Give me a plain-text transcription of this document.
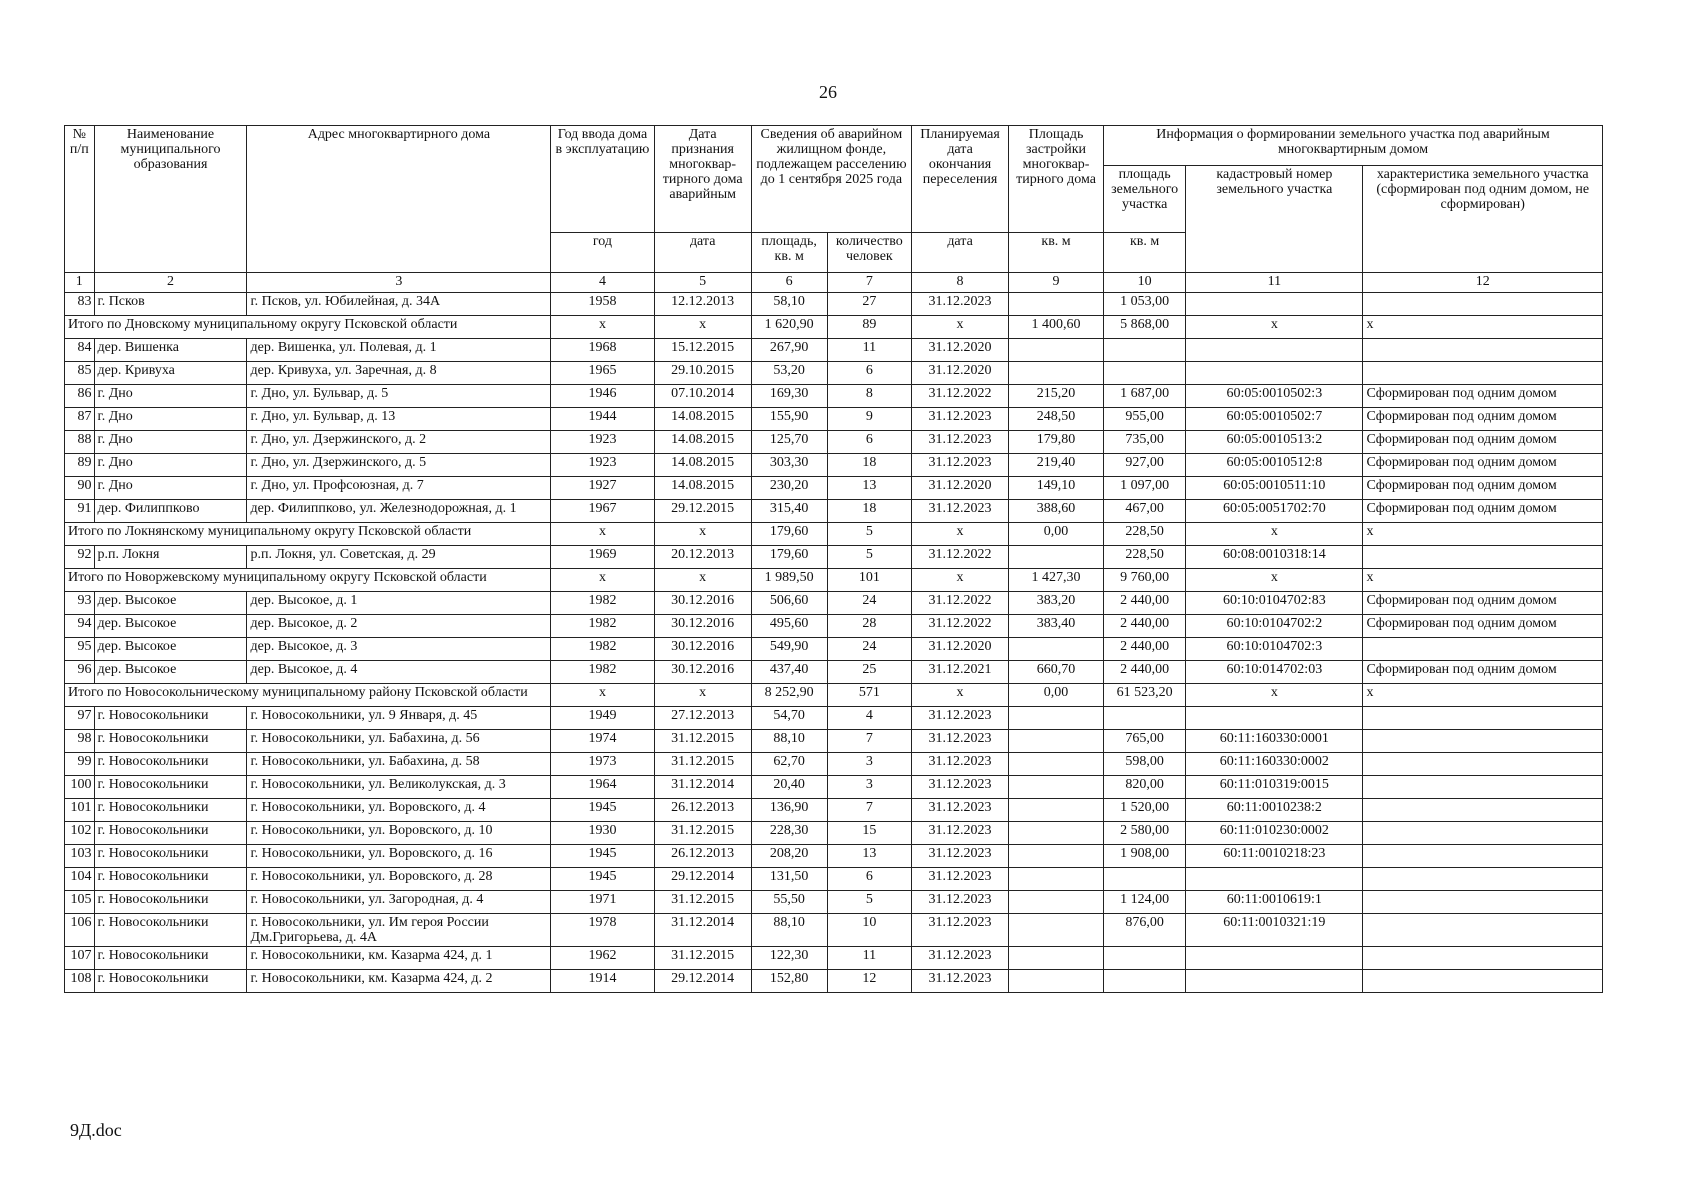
26
№ п/п	Наименование муниципального образования	Адрес многоквартирного дома	Год ввода дома в эксплуатацию	Дата признания многоквар-тирного дома аварийным	Сведения об аварийном жилищном фонде, подлежащем расселению до 1 сентября 2025 года		Планируемая дата окончания переселения	Площадь застройки многоквар-тирного дома	Информация о формировании земельного участка под аварийным многоквартирным домом		
									площадь земельного участка	кадастровый номер земельного участка	характеристика земельного участка (сформирован под одним домом, не сформирован)
			год	дата	площадь, кв. м	количество человек	дата	кв. м	кв. м		
1	2	3	4	5	6	7	8	9	10	11	12
83	г. Псков	г. Псков, ул. Юбилейная, д. 34А	1958	12.12.2013	58,10	27	31.12.2023		1 053,00		
Итого по Дновскому муниципальному округу Псковской области			х	х	1 620,90	89	х	1 400,60	5 868,00	х	х
84	дер. Вишенка	дер. Вишенка, ул. Полевая, д. 1	1968	15.12.2015	267,90	11	31.12.2020				
85	дер. Кривуха	дер. Кривуха, ул. Заречная, д. 8	1965	29.10.2015	53,20	6	31.12.2020				
86	г. Дно	г. Дно, ул. Бульвар, д. 5	1946	07.10.2014	169,30	8	31.12.2022	215,20	1 687,00	60:05:0010502:3	Сформирован под одним домом
87	г. Дно	г. Дно, ул. Бульвар, д. 13	1944	14.08.2015	155,90	9	31.12.2023	248,50	955,00	60:05:0010502:7	Сформирован под одним домом
88	г. Дно	г. Дно, ул. Дзержинского, д. 2	1923	14.08.2015	125,70	6	31.12.2023	179,80	735,00	60:05:0010513:2	Сформирован под одним домом
89	г. Дно	г. Дно, ул. Дзержинского, д. 5	1923	14.08.2015	303,30	18	31.12.2023	219,40	927,00	60:05:0010512:8	Сформирован под одним домом
90	г. Дно	г. Дно, ул. Профсоюзная, д. 7	1927	14.08.2015	230,20	13	31.12.2020	149,10	1 097,00	60:05:0010511:10	Сформирован под одним домом
91	дер. Филиппково	дер. Филиппково, ул. Железнодорожная, д. 1	1967	29.12.2015	315,40	18	31.12.2023	388,60	467,00	60:05:0051702:70	Сформирован под одним домом
Итого по Локнянскому муниципальному округу Псковской области			х	х	179,60	5	х	0,00	228,50	х	х
92	р.п. Локня	р.п. Локня, ул. Советская, д. 29	1969	20.12.2013	179,60	5	31.12.2022		228,50	60:08:0010318:14	
Итого по Новоржевскому муниципальному округу Псковской области			х	х	1 989,50	101	х	1 427,30	9 760,00	х	х
93	дер. Высокое	дер. Высокое, д. 1	1982	30.12.2016	506,60	24	31.12.2022	383,20	2 440,00	60:10:0104702:83	Сформирован под одним домом
94	дер. Высокое	дер. Высокое, д. 2	1982	30.12.2016	495,60	28	31.12.2022	383,40	2 440,00	60:10:0104702:2	Сформирован под одним домом
95	дер. Высокое	дер. Высокое, д. 3	1982	30.12.2016	549,90	24	31.12.2020		2 440,00	60:10:0104702:3	
96	дер. Высокое	дер. Высокое, д. 4	1982	30.12.2016	437,40	25	31.12.2021	660,70	2 440,00	60:10:014702:03	Сформирован под одним домом
Итого по Новосокольническому муниципальному району Псковской области			х	х	8 252,90	571	х	0,00	61 523,20	х	х
97	г. Новосокольники	г. Новосокольники, ул. 9 Января, д. 45	1949	27.12.2013	54,70	4	31.12.2023				
98	г. Новосокольники	г. Новосокольники, ул. Бабахина, д. 56	1974	31.12.2015	88,10	7	31.12.2023		765,00	60:11:160330:0001	
99	г. Новосокольники	г. Новосокольники, ул. Бабахина, д. 58	1973	31.12.2015	62,70	3	31.12.2023		598,00	60:11:160330:0002	
100	г. Новосокольники	г. Новосокольники, ул. Великолукская, д. 3	1964	31.12.2014	20,40	3	31.12.2023		820,00	60:11:010319:0015	
101	г. Новосокольники	г. Новосокольники, ул. Воровского, д. 4	1945	26.12.2013	136,90	7	31.12.2023		1 520,00	60:11:0010238:2	
102	г. Новосокольники	г. Новосокольники, ул. Воровского, д. 10	1930	31.12.2015	228,30	15	31.12.2023		2 580,00	60:11:010230:0002	
103	г. Новосокольники	г. Новосокольники, ул. Воровского, д. 16	1945	26.12.2013	208,20	13	31.12.2023		1 908,00	60:11:0010218:23	
104	г. Новосокольники	г. Новосокольники, ул. Воровского, д. 28	1945	29.12.2014	131,50	6	31.12.2023				
105	г. Новосокольники	г. Новосокольники, ул. Загородная, д. 4	1971	31.12.2015	55,50	5	31.12.2023		1 124,00	60:11:0010619:1	
106	г. Новосокольники	г. Новосокольники, ул. Им героя России Дм.Григорьева, д. 4А	1978	31.12.2014	88,10	10	31.12.2023		876,00	60:11:0010321:19	
107	г. Новосокольники	г. Новосокольники, км. Казарма 424, д. 1	1962	31.12.2015	122,30	11	31.12.2023				
108	г. Новосокольники	г. Новосокольники, км. Казарма 424, д. 2	1914	29.12.2014	152,80	12	31.12.2023				
9Д.doc
